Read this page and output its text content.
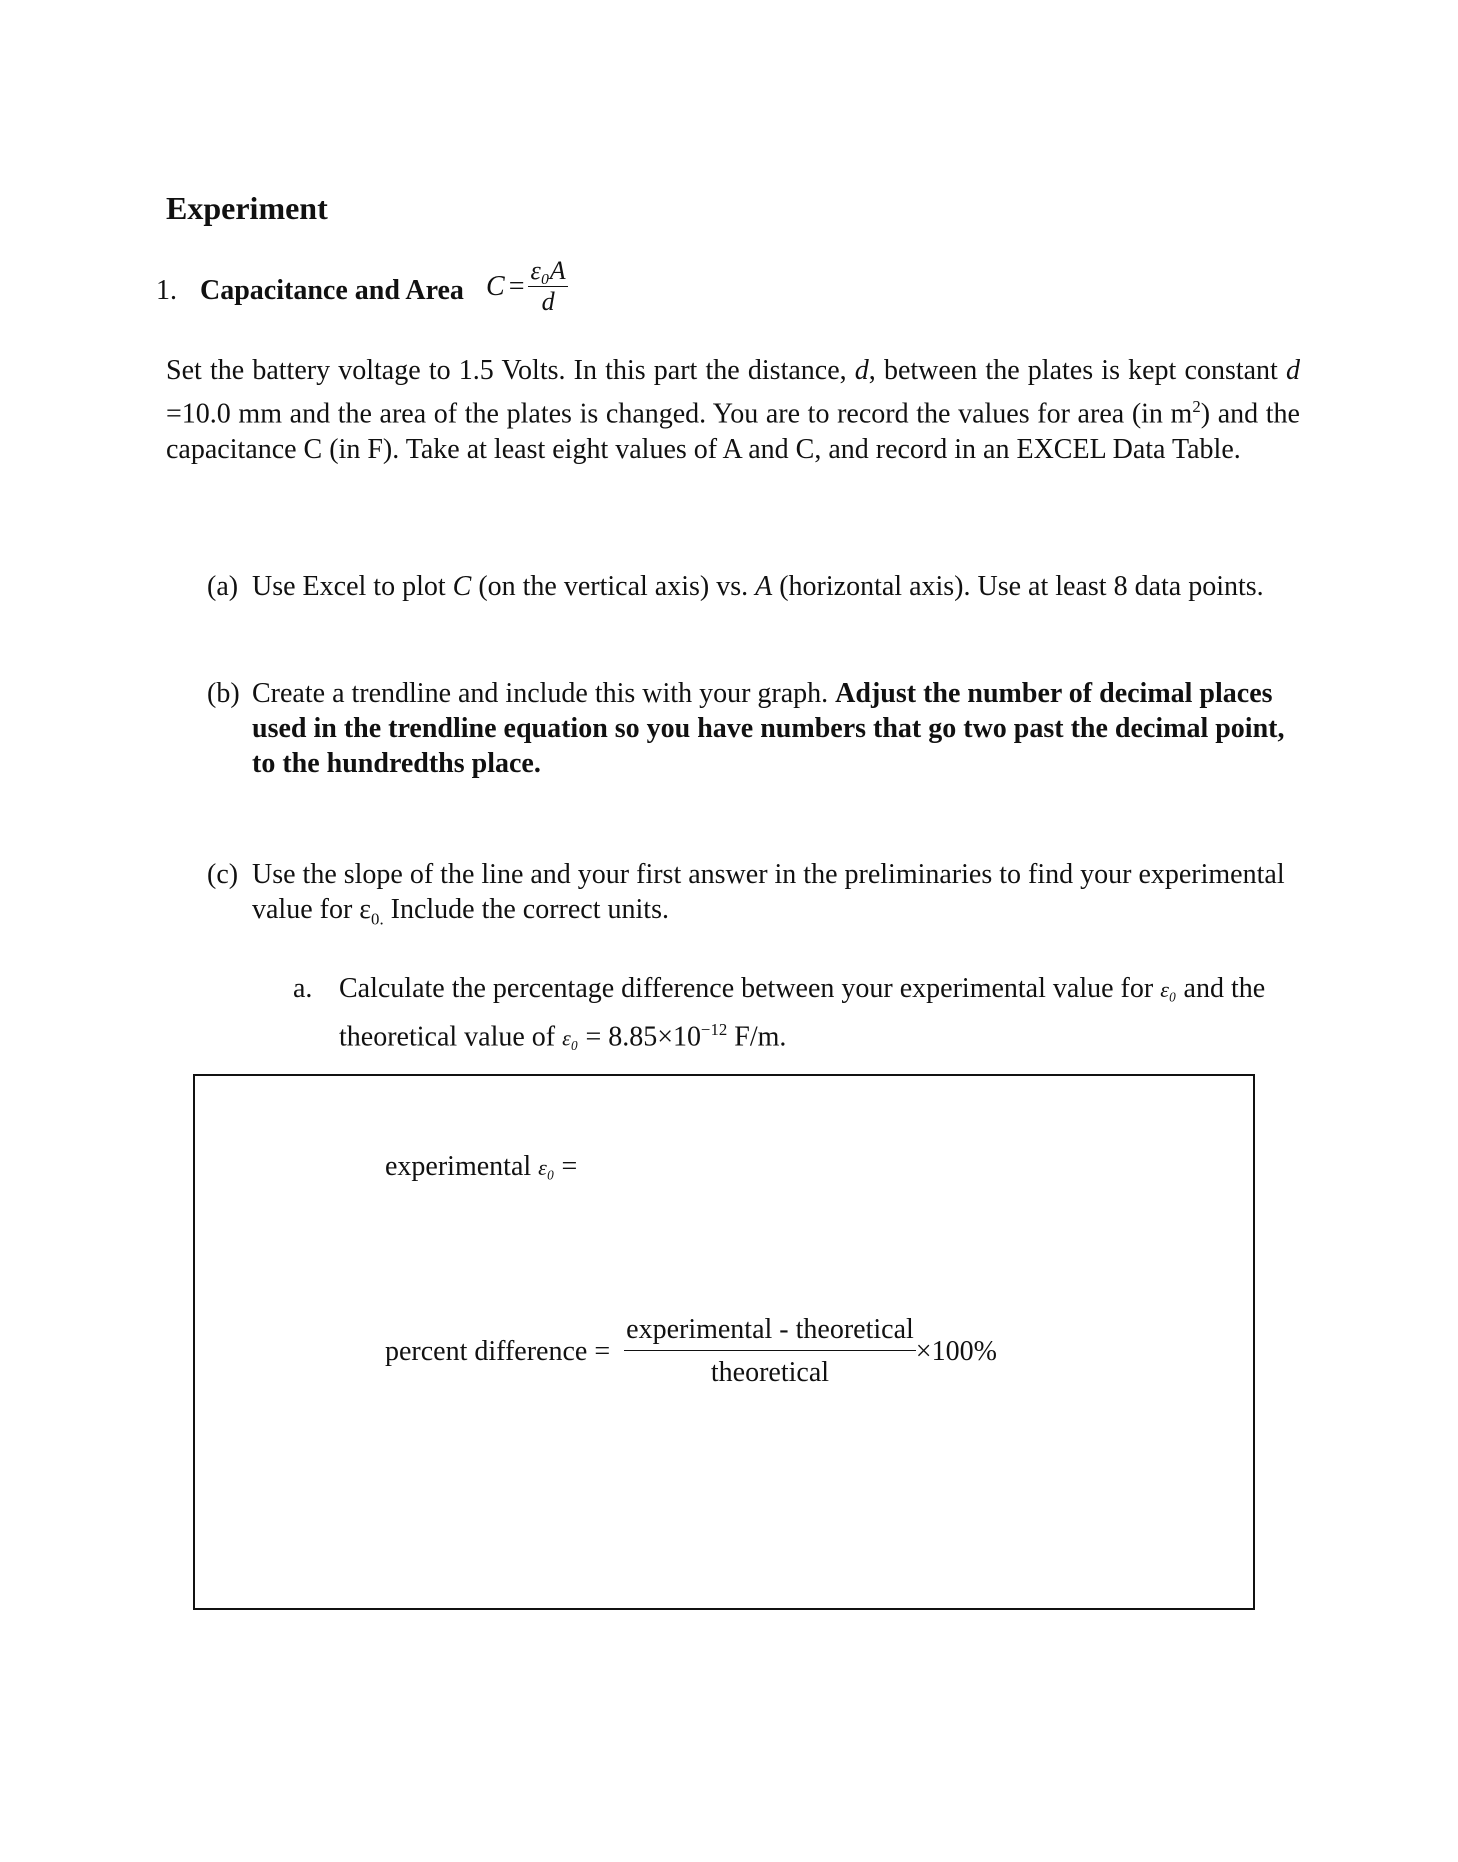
Experiment
1. Capacitance and Area $C = \frac{\text{ε₀A}}{d}$
Set the battery voltage to 1.5 Volts. In this part the distance, d, between the plates is kept constant d =10.0 mm and the area of the plates is changed. You are to record the values for area (in $m^2$) and the capacitance C (in F). Take at least eight values of A and C, and record in an EXCEL Data Table.
(a) Use Excel to plot C (on the vertical axis) vs. A (horizontal axis). Use at least 8 data points.
(b) Create a trendline and include this with your graph. Adjust the number of decimal places used in the trendline equation so you have numbers that go two past the decimal point, to the hundredths place.
(c) Use the slope of the line and your first answer in the preliminaries to find your experimental
value for $\varepsilon_{0.}$ Include the correct units.
a. Calculate the percentage difference between your experimental value for ε₀ and the
theoretical value of $\varepsilon_0 = 8.85\times 10^{-12}$ F/m.
experimental ε₀ =
percent difference = $\frac{\text{experimental - theoretical}}{\text{theoretical}} \times 100\%$
